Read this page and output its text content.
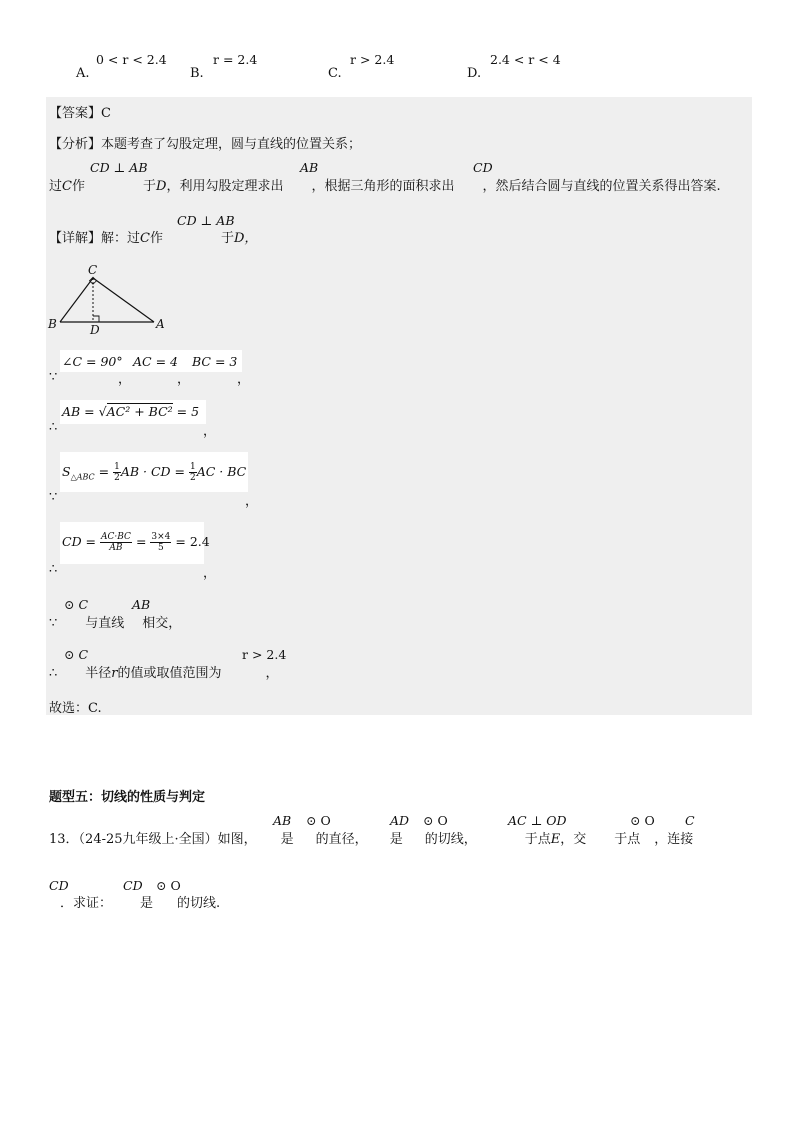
0 < r < 2.4
A.
r = 2.4
B.
r > 2.4
C.
2.4 < r < 4
D.
【答案】C
【分析】本题考查了勾股定理，圆与直线的位置关系；
CD ⊥ AB	AB	CD
过C作	于D，利用勾股定理求出 ，根据三角形的面积求出 ，然后结合圆与直线的位置关系得出答案.
CD ⊥ AB
【详解】解：过C作	于D，
C
B	D	A
∠C = 90°
，
AC = 4
，
BC = 3
，
∵
AB = √AC² + BC² = 5
，
∴
$S_{\triangle ABC} = \frac{1}{2}$ AB · CD = $\frac{1}{2}$ AC · BC
，
∵
CD = $\frac{AC\cdot BC}{AB} = \frac{3\times 4}{5} = 2.4$
，
∴
⊙ C	AB
∵ 与直线 相交，
⊙ C	r > 2.4
∴ 半径r的值或取值范围为	，
故选：C.
题型五：切线的性质与判定
AB ⊙ O	AD ⊙ O	AC ⊥ OD	⊙ O C
13．（24-25九年级上·全国）如图， 是 的直径， 是 的切线，	于点E，交 于点 ，连接
CD	CD ⊙ O
．求证： 是 的切线.
